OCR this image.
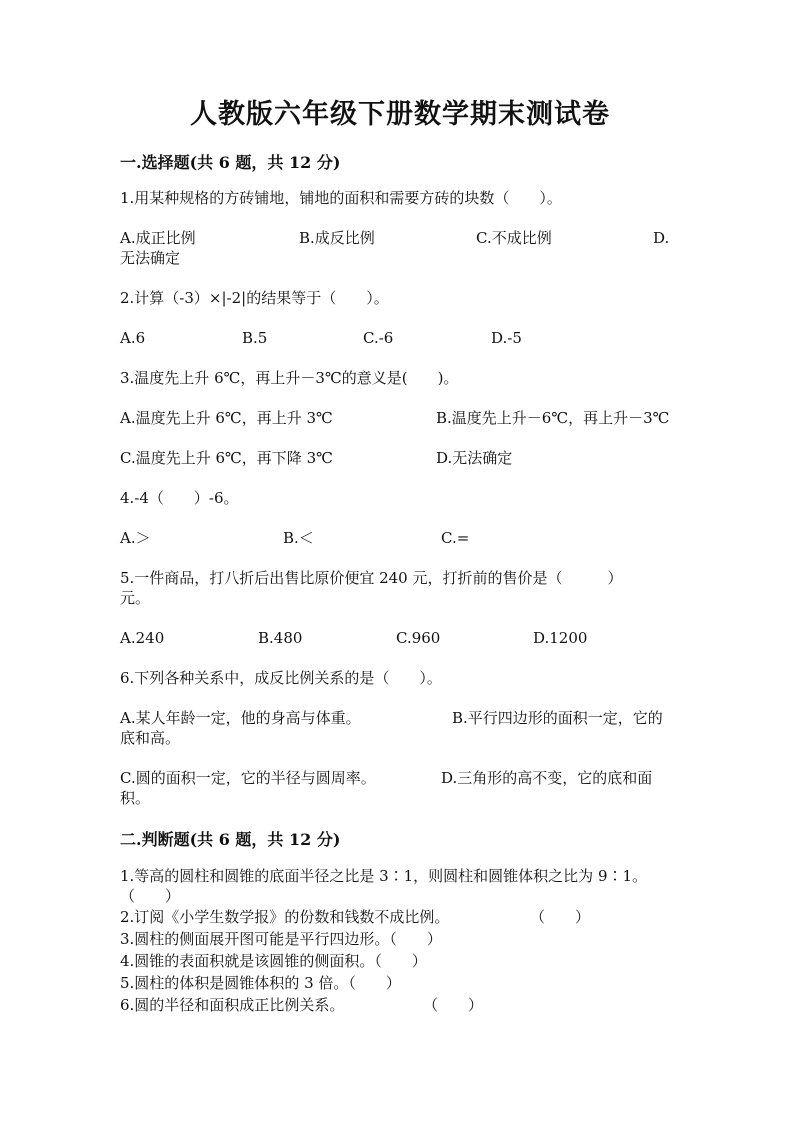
人教版六年级下册数学期末测试卷
一.选择题(共 6 题，共 12 分)
1.用某种规格的方砖铺地，铺地的面积和需要方砖的块数（　　）。
A.成正比例	B.成反比例	C.不成比例	D.
无法确定
2.计算（-3）×|-2|的结果等于（　　）。
A.6	B.5	C.-6	D.-5
3.温度先上升 6℃，再上升－3℃的意义是(　　)。
A.温度先上升 6℃，再上升 3℃	B.温度先上升－6℃，再上升－3℃
C.温度先上升 6℃，再下降 3℃	D.无法确定
4.-4（　　）-6。
A.＞	B.＜	C.=
5.一件商品，打八折后出售比原价便宜 240 元，打折前的售价是（　　　）
元。
A.240	B.480	C.960	D.1200
6.下列各种关系中，成反比例关系的是（　　）。
A.某人年龄一定，他的身高与体重。	B.平行四边形的面积一定，它的
底和高。
C.圆的面积一定，它的半径与圆周率。	D.三角形的高不变，它的底和面
积。
二.判断题(共 6 题，共 12 分)
1.等高的圆柱和圆锥的底面半径之比是 3∶1，则圆柱和圆锥体积之比为 9∶1。
（　　）
2.订阅《小学生数学报》的份数和钱数不成比例。	（　　）
3.圆柱的侧面展开图可能是平行四边形。（　　）
4.圆锥的表面积就是该圆锥的侧面积。（　　）
5.圆柱的体积是圆锥体积的 3 倍。（　　）
6.圆的半径和面积成正比例关系。	（　　）
